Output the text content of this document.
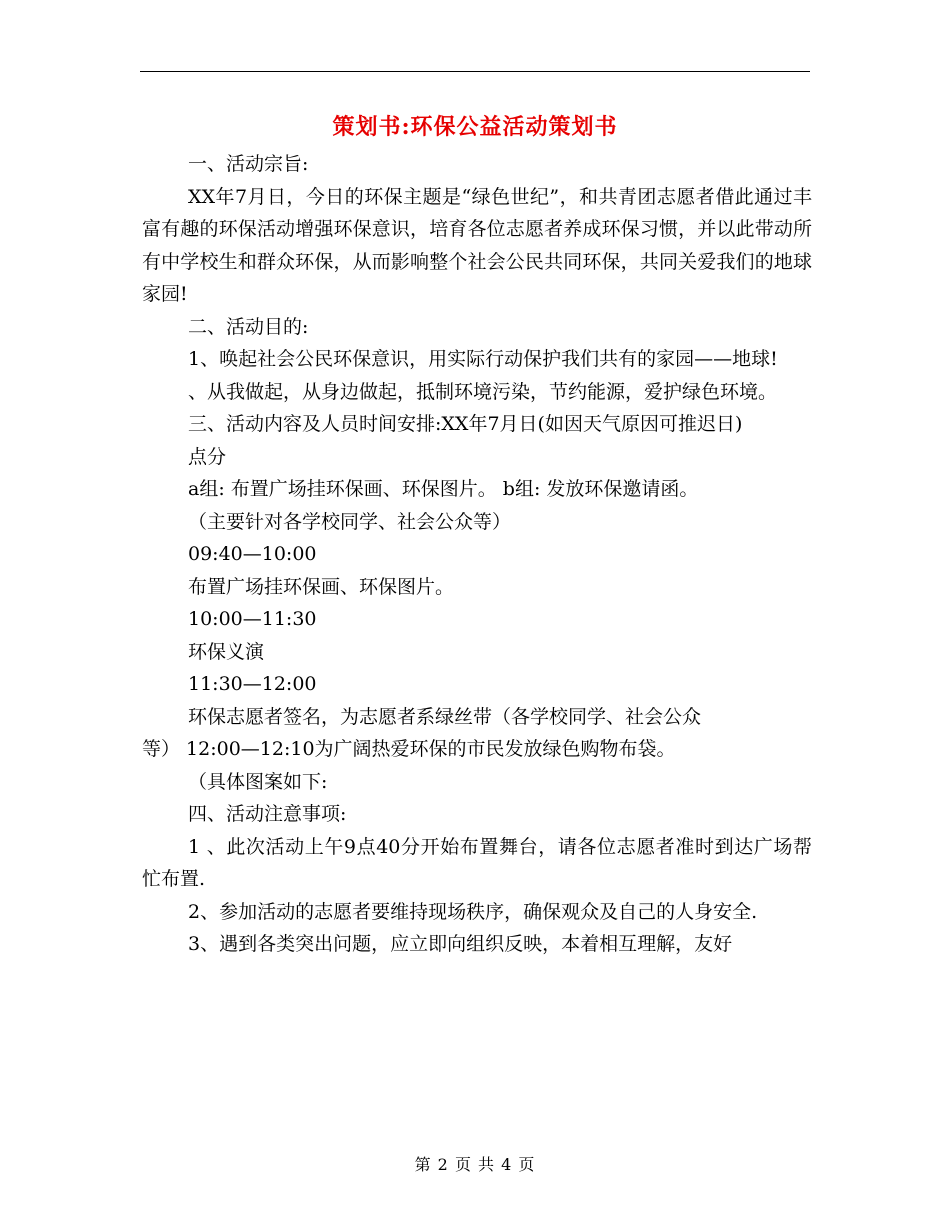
策划书:环保公益活动策划书

一、活动宗旨:

XX年7月日，今日的环保主题是“绿色世纪”，和共青团志愿者借此通过丰富有趣的环保活动增强环保意识，培育各位志愿者养成环保习惯，并以此带动所有中学校生和群众环保，从而影响整个社会公民共同环保，共同关爱我们的地球家园!

二、活动目的:

1、唤起社会公民环保意识，用实际行动保护我们共有的家园——地球!

、从我做起，从身边做起，抵制环境污染，节约能源，爱护绿色环境。

三、活动内容及人员时间安排:XX年7月日(如因天气原因可推迟日)

点分

a组: 布置广场挂环保画、环保图片。 b组: 发放环保邀请函。

（主要针对各学校同学、社会公众等）

09:40—10:00

布置广场挂环保画、环保图片。

10:00—11:30

环保义演

11:30—12:00

环保志愿者签名，为志愿者系绿丝带（各学校同学、社会公众

等） 12:00—12:10为广阔热爱环保的市民发放绿色购物布袋。

（具体图案如下:

四、活动注意事项:

1 、此次活动上午9点40分开始布置舞台，请各位志愿者准时到达广场帮忙布置.

2、参加活动的志愿者要维持现场秩序，确保观众及自己的人身安全.

3、遇到各类突出问题，应立即向组织反映，本着相互理解，友好

第 2 页 共 4 页
